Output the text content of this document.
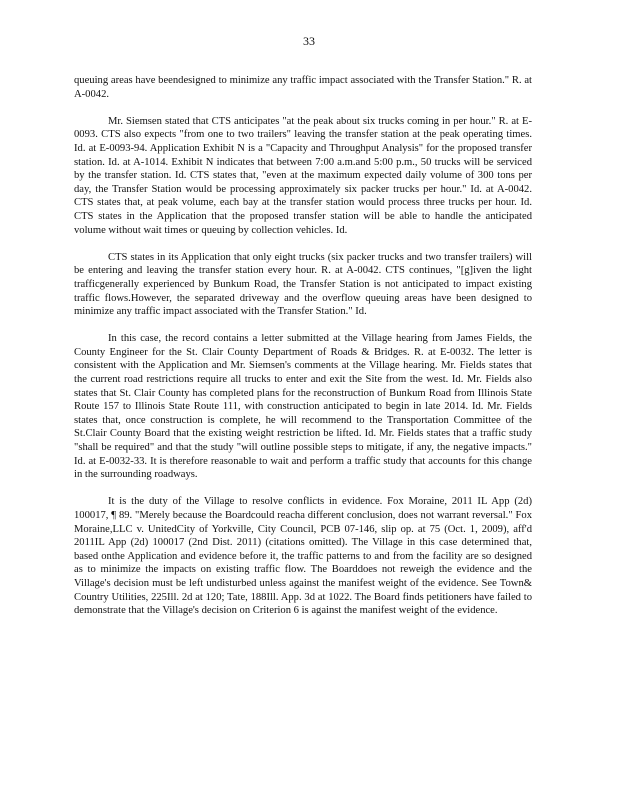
33

queuing areas have beendesigned to minimize any traffic impact associated with the Transfer Station." R. at A-0042.

Mr. Siemsen stated that CTS anticipates "at the peak about six trucks coming in per hour." R. at E-0093. CTS also expects "from one to two trailers" leaving the transfer station at the peak operating times. Id. at E-0093-94. Application Exhibit N is a "Capacity and Throughput Analysis" for the proposed transfer station. Id. at A-1014. Exhibit N indicates that between 7:00 a.m.and 5:00 p.m., 50 trucks will be serviced by the transfer station. Id. CTS states that, "even at the maximum expected daily volume of 300 tons per day, the Transfer Station would be processing approximately six packer trucks per hour." Id. at A-0042. CTS states that, at peak volume, each bay at the transfer station would process three trucks per hour. Id. CTS states in the Application that the proposed transfer station will be able to handle the anticipated volume without wait times or queuing by collection vehicles. Id.

CTS states in its Application that only eight trucks (six packer trucks and two transfer trailers) will be entering and leaving the transfer station every hour. R. at A-0042. CTS continues, "[g]iven the light trafficgenerally experienced by Bunkum Road, the Transfer Station is not anticipated to impact existing traffic flows.However, the separated driveway and the overflow queuing areas have been designed to minimize any traffic impact associated with the Transfer Station." Id.

In this case, the record contains a letter submitted at the Village hearing from James Fields, the County Engineer for the St. Clair County Department of Roads & Bridges. R. at E-0032. The letter is consistent with the Application and Mr. Siemsen's comments at the Village hearing. Mr. Fields states that the current road restrictions require all trucks to enter and exit the Site from the west. Id. Mr. Fields also states that St. Clair County has completed plans for the reconstruction of Bunkum Road from Illinois State Route 157 to Illinois State Route 111, with construction anticipated to begin in late 2014. Id. Mr. Fields states that, once construction is complete, he will recommend to the Transportation Committee of the St.Clair County Board that the existing weight restriction be lifted. Id. Mr. Fields states that a traffic study "shall be required" and that the study "will outline possible steps to mitigate, if any, the negative impacts." Id. at E-0032-33. It is therefore reasonable to wait and perform a traffic study that accounts for this change in the surrounding roadways.

It is the duty of the Village to resolve conflicts in evidence. Fox Moraine, 2011 IL App (2d) 100017, ¶ 89. "Merely because the Boardcould reacha different conclusion, does not warrant reversal." Fox Moraine,LLC v. UnitedCity of Yorkville, City Council, PCB 07-146, slip op. at 75 (Oct. 1, 2009), aff'd 2011IL App (2d) 100017 (2nd Dist. 2011) (citations omitted). The Village in this case determined that, based onthe Application and evidence before it, the traffic patterns to and from the facility are so designed as to minimize the impacts on existing traffic flow. The Boarddoes not reweigh the evidence and the Village's decision must be left undisturbed unless against the manifest weight of the evidence. See Town& Country Utilities, 225Ill. 2d at 120; Tate, 188Ill. App. 3d at 1022. The Board finds petitioners have failed to demonstrate that the Village's decision on Criterion 6 is against the manifest weight of the evidence.
